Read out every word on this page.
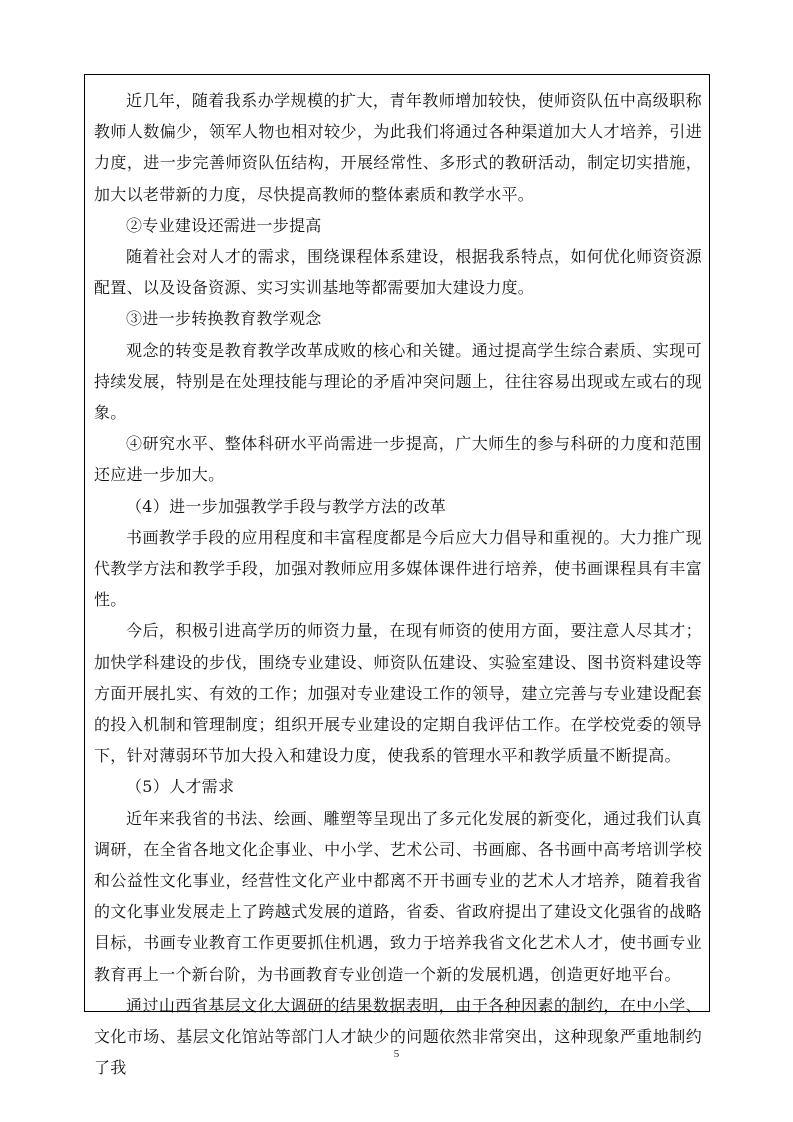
近几年，随着我系办学规模的扩大，青年教师增加较快，使师资队伍中高级职称教师人数偏少，领军人物也相对较少，为此我们将通过各种渠道加大人才培养，引进力度，进一步完善师资队伍结构，开展经常性、多形式的教研活动，制定切实措施，加大以老带新的力度，尽快提高教师的整体素质和教学水平。

②专业建设还需进一步提高

随着社会对人才的需求，围绕课程体系建设，根据我系特点，如何优化师资资源配置、以及设备资源、实习实训基地等都需要加大建设力度。

③进一步转换教育教学观念

观念的转变是教育教学改革成败的核心和关键。通过提高学生综合素质、实现可持续发展，特别是在处理技能与理论的矛盾冲突问题上，往往容易出现或左或右的现象。

④研究水平、整体科研水平尚需进一步提高，广大师生的参与科研的力度和范围还应进一步加大。

（4）进一步加强教学手段与教学方法的改革

书画教学手段的应用程度和丰富程度都是今后应大力倡导和重视的。大力推广现代教学方法和教学手段，加强对教师应用多媒体课件进行培养，使书画课程具有丰富性。

今后，积极引进高学历的师资力量，在现有师资的使用方面，要注意人尽其才；加快学科建设的步伐，围绕专业建设、师资队伍建设、实验室建设、图书资料建设等方面开展扎实、有效的工作；加强对专业建设工作的领导，建立完善与专业建设配套的投入机制和管理制度；组织开展专业建设的定期自我评估工作。在学校党委的领导下，针对薄弱环节加大投入和建设力度，使我系的管理水平和教学质量不断提高。

（5）人才需求

近年来我省的书法、绘画、雕塑等呈现出了多元化发展的新变化，通过我们认真调研，在全省各地文化企事业、中小学、艺术公司、书画廊、各书画中高考培训学校和公益性文化事业，经营性文化产业中都离不开书画专业的艺术人才培养，随着我省的文化事业发展走上了跨越式发展的道路，省委、省政府提出了建设文化强省的战略目标，书画专业教育工作更要抓住机遇，致力于培养我省文化艺术人才，使书画专业教育再上一个新台阶，为书画教育专业创造一个新的发展机遇，创造更好地平台。

通过山西省基层文化大调研的结果数据表明，由于各种因素的制约，在中小学、文化市场、基层文化馆站等部门人才缺少的问题依然非常突出，这种现象严重地制约了我

5
